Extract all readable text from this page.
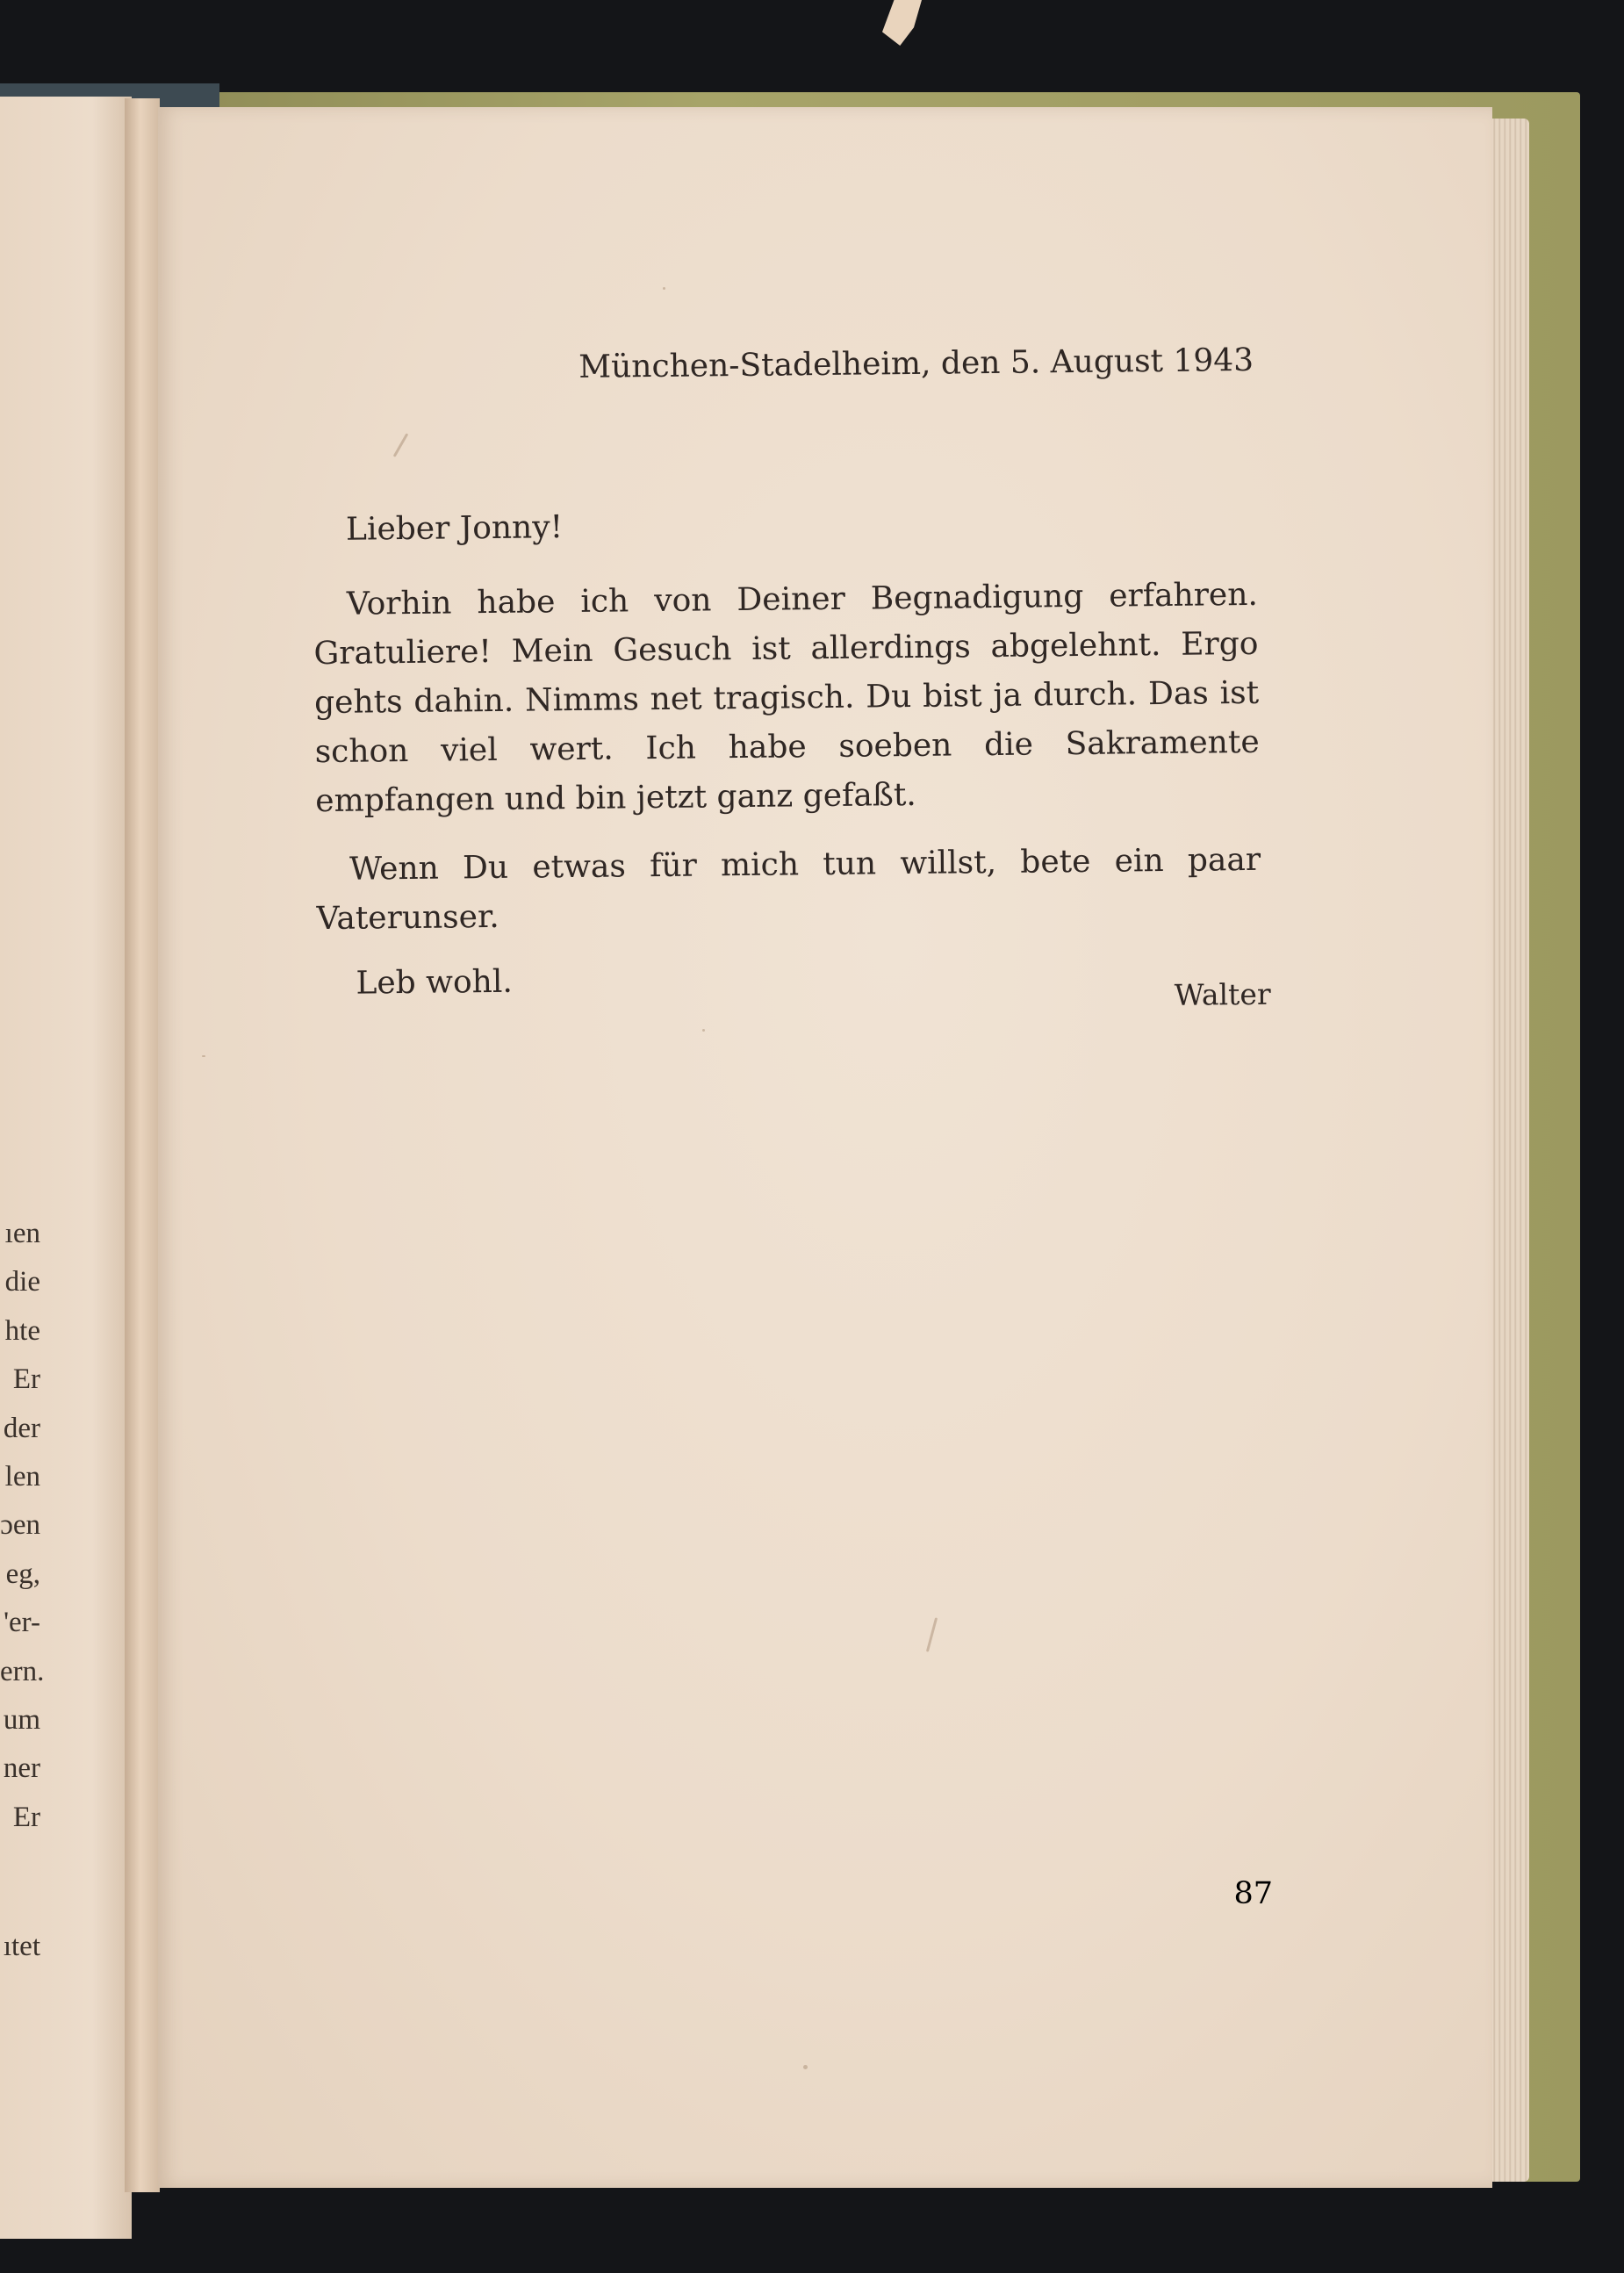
ıen
die
hte
Er
der
len
ɔen
eg,
'er-
ern.
um
ner
Er
ıtet
München-Stadelheim, den 5. August 1943
Lieber Jonny!

Vorhin habe ich von Deiner Begnadigung erfahren. Gratuliere! Mein Gesuch ist allerdings abgelehnt. Ergo gehts dahin. Nimms net tragisch. Du bist ja durch. Das ist schon viel wert. Ich habe soeben die Sakramente empfangen und bin jetzt ganz gefaßt.

Wenn Du etwas für mich tun willst, bete ein paar Vaterunser.

Leb wohl.	Walter
87
